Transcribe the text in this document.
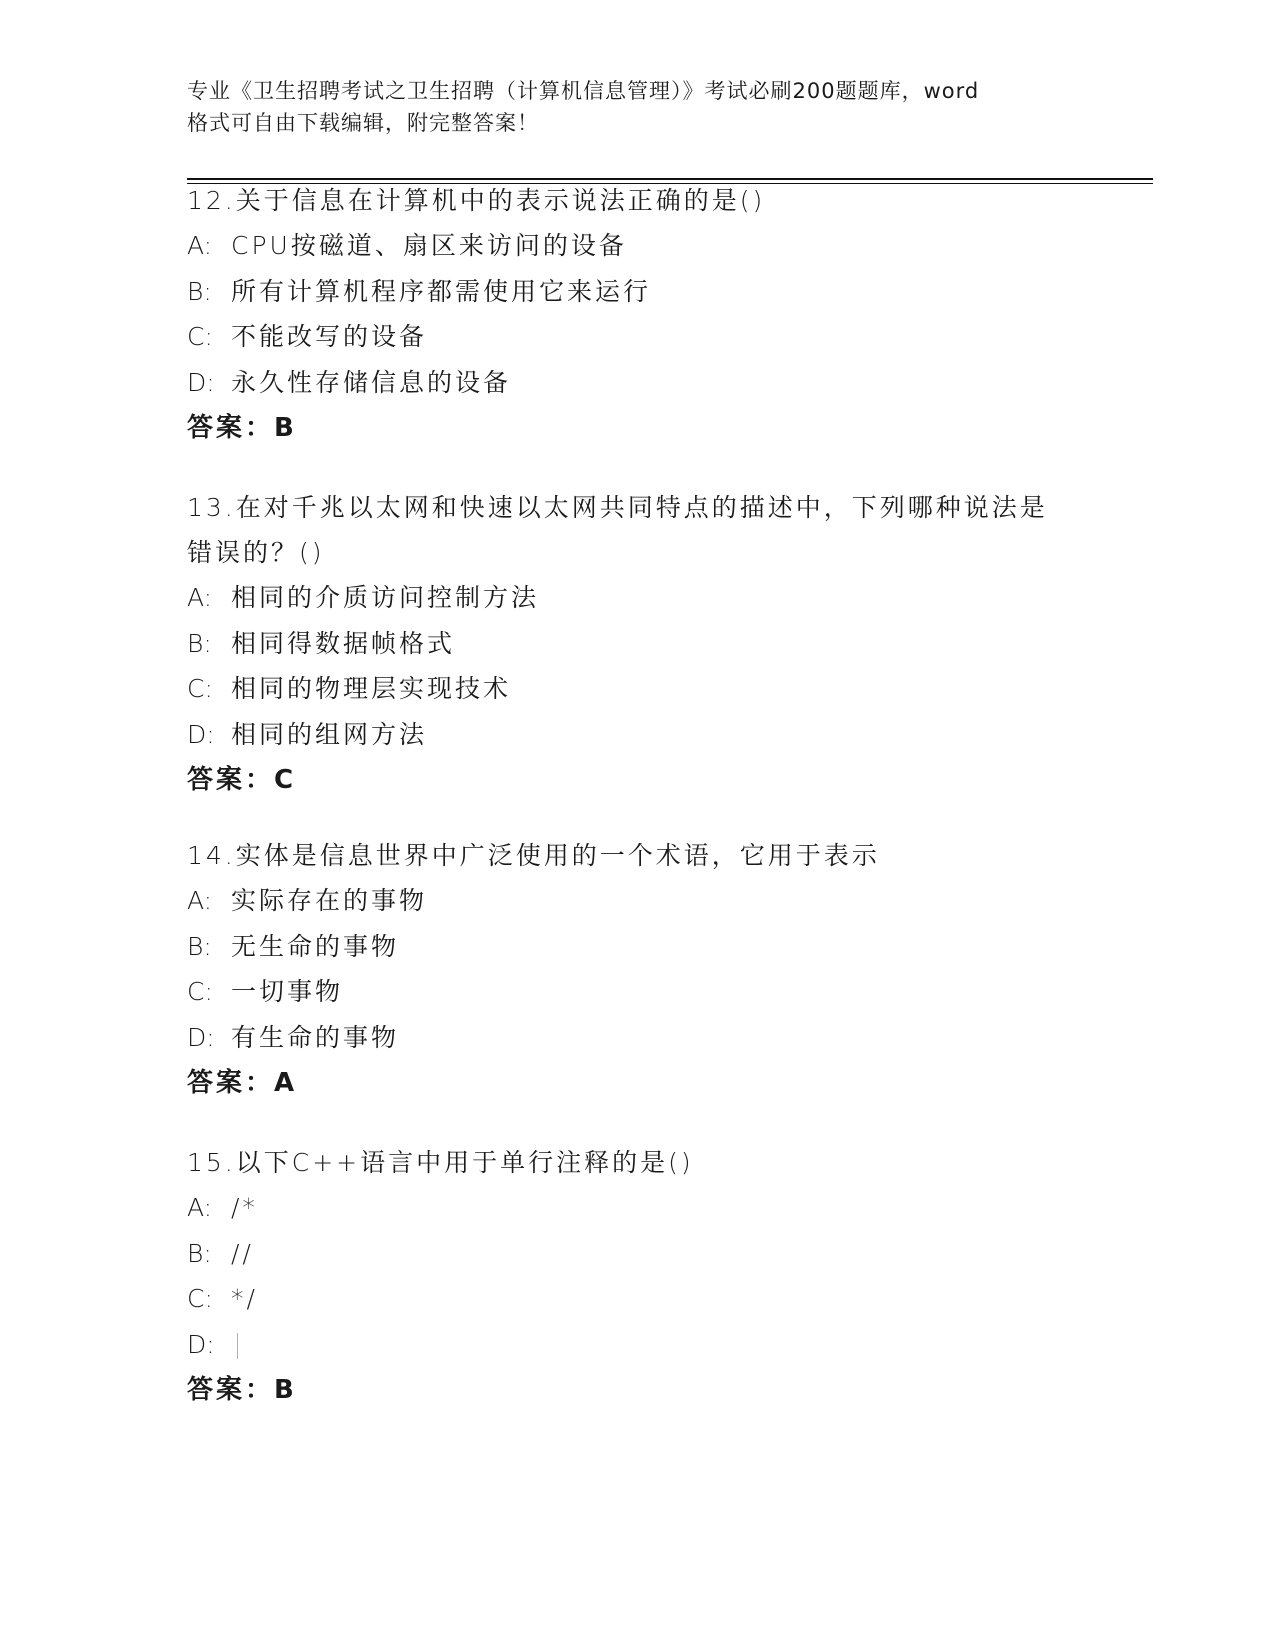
专业《卫生招聘考试之卫生招聘（计算机信息管理）》考试必刷200题题库，word
格式可自由下载编辑，附完整答案！

12.关于信息在计算机中的表示说法正确的是()

A: CPU按磁道、扇区来访问的设备

B: 所有计算机程序都需使用它来运行

C: 不能改写的设备

D: 永久性存储信息的设备

答案：B

13.在对千兆以太网和快速以太网共同特点的描述中，下列哪种说法是

错误的？()

A: 相同的介质访问控制方法

B: 相同得数据帧格式

C: 相同的物理层实现技术

D: 相同的组网方法

答案：C

14.实体是信息世界中广泛使用的一个术语，它用于表示

A: 实际存在的事物

B: 无生命的事物

C: 一切事物

D: 有生命的事物

答案：A

15.以下C++语言中用于单行注释的是()

A: /*

B: //

C: */

D:

答案：B
